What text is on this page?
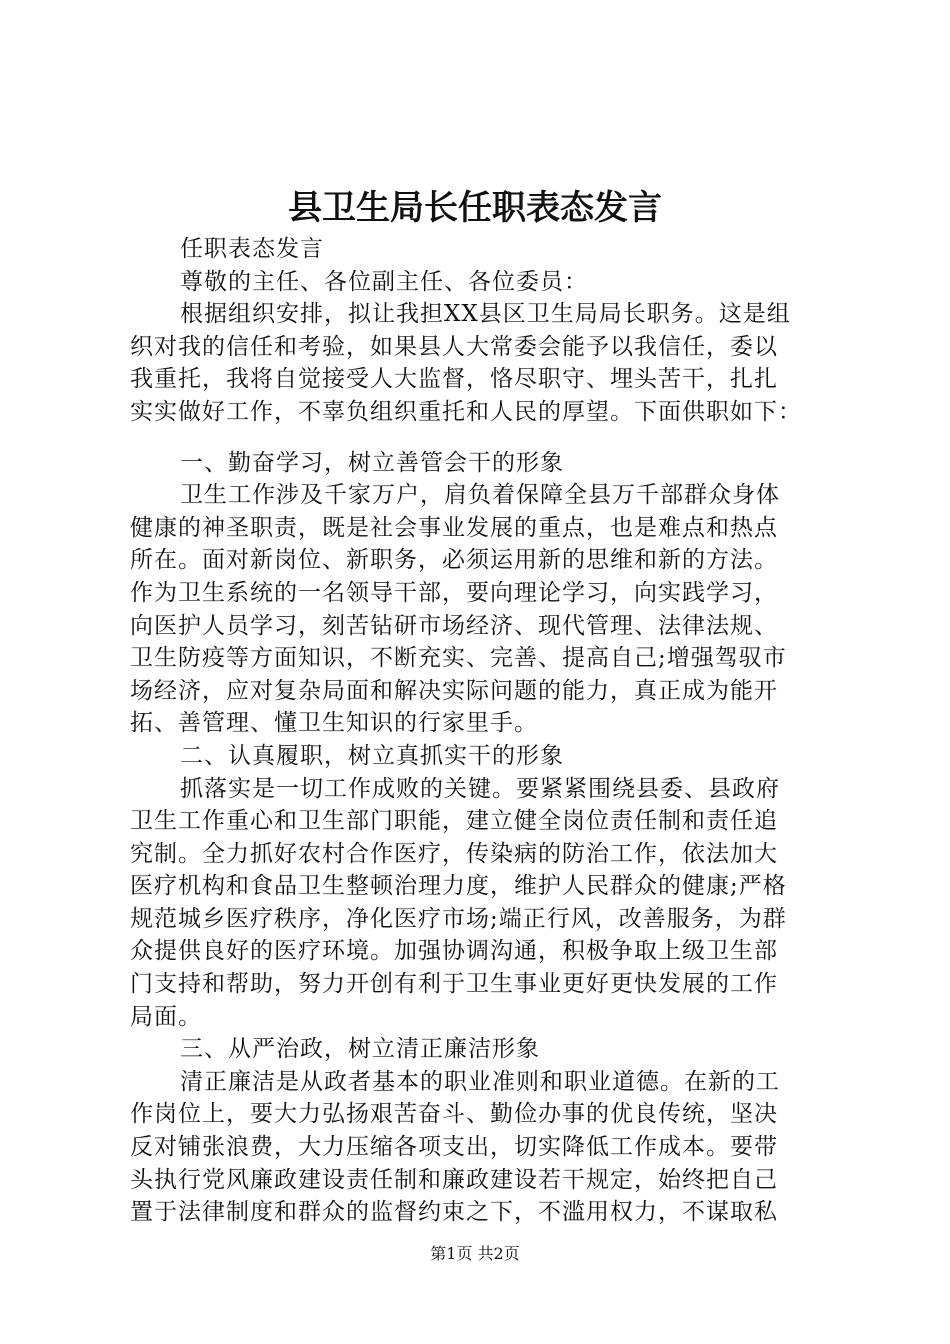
县卫生局长任职表态发言
任职表态发言
尊敬的主任、各位副主任、各位委员：
根据组织安排，拟让我担XX县区卫生局局长职务。这是组
织对我的信任和考验，如果县人大常委会能予以我信任，委以
我重托，我将自觉接受人大监督，恪尽职守、埋头苦干，扎扎
实实做好工作，不辜负组织重托和人民的厚望。下面供职如下：
一、勤奋学习，树立善管会干的形象
卫生工作涉及千家万户，肩负着保障全县万千部群众身体
健康的神圣职责，既是社会事业发展的重点，也是难点和热点
所在。面对新岗位、新职务，必须运用新的思维和新的方法。
作为卫生系统的一名领导干部，要向理论学习，向实践学习，
向医护人员学习，刻苦钻研市场经济、现代管理、法律法规、
卫生防疫等方面知识，不断充实、完善、提高自己;增强驾驭市
场经济，应对复杂局面和解决实际问题的能力，真正成为能开
拓、善管理、懂卫生知识的行家里手。
二、认真履职，树立真抓实干的形象
抓落实是一切工作成败的关键。要紧紧围绕县委、县政府
卫生工作重心和卫生部门职能，建立健全岗位责任制和责任追
究制。全力抓好农村合作医疗，传染病的防治工作，依法加大
医疗机构和食品卫生整顿治理力度，维护人民群众的健康;严格
规范城乡医疗秩序，净化医疗市场;端正行风，改善服务，为群
众提供良好的医疗环境。加强协调沟通，积极争取上级卫生部
门支持和帮助，努力开创有利于卫生事业更好更快发展的工作
局面。
三、从严治政，树立清正廉洁形象
清正廉洁是从政者基本的职业准则和职业道德。在新的工
作岗位上，要大力弘扬艰苦奋斗、勤俭办事的优良传统，坚决
反对铺张浪费，大力压缩各项支出，切实降低工作成本。要带
头执行党风廉政建设责任制和廉政建设若干规定，始终把自己
置于法律制度和群众的监督约束之下，不滥用权力，不谋取私
第1页 共2页
